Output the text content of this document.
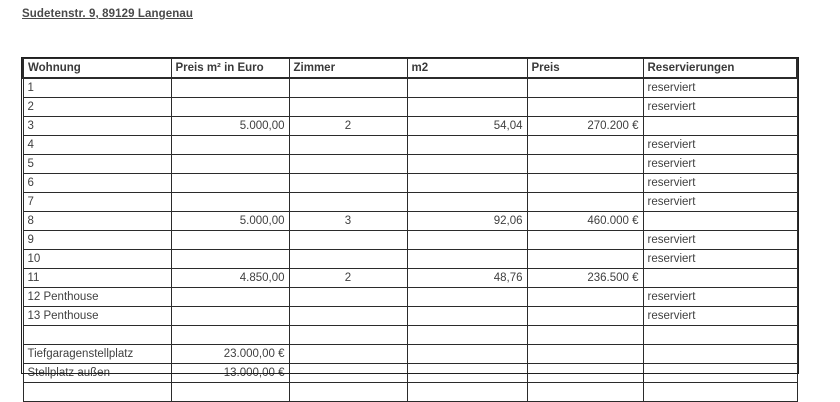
Sudetenstr. 9, 89129 Langenau
Wohnung	Preis m² in Euro	Zimmer	m2	Preis	Reservierungen
1					reserviert
2					reserviert
3	5.000,00	2	54,04	270.200 €	
4					reserviert
5					reserviert
6					reserviert
7					reserviert
8	5.000,00	3	92,06	460.000 €	
9					reserviert
10					reserviert
11	4.850,00	2	48,76	236.500 €	
12 Penthouse					reserviert
13 Penthouse					reserviert

Tiefgaragenstellplatz	23.000,00 €				
Stellplatz außen	13.000,00 €				
